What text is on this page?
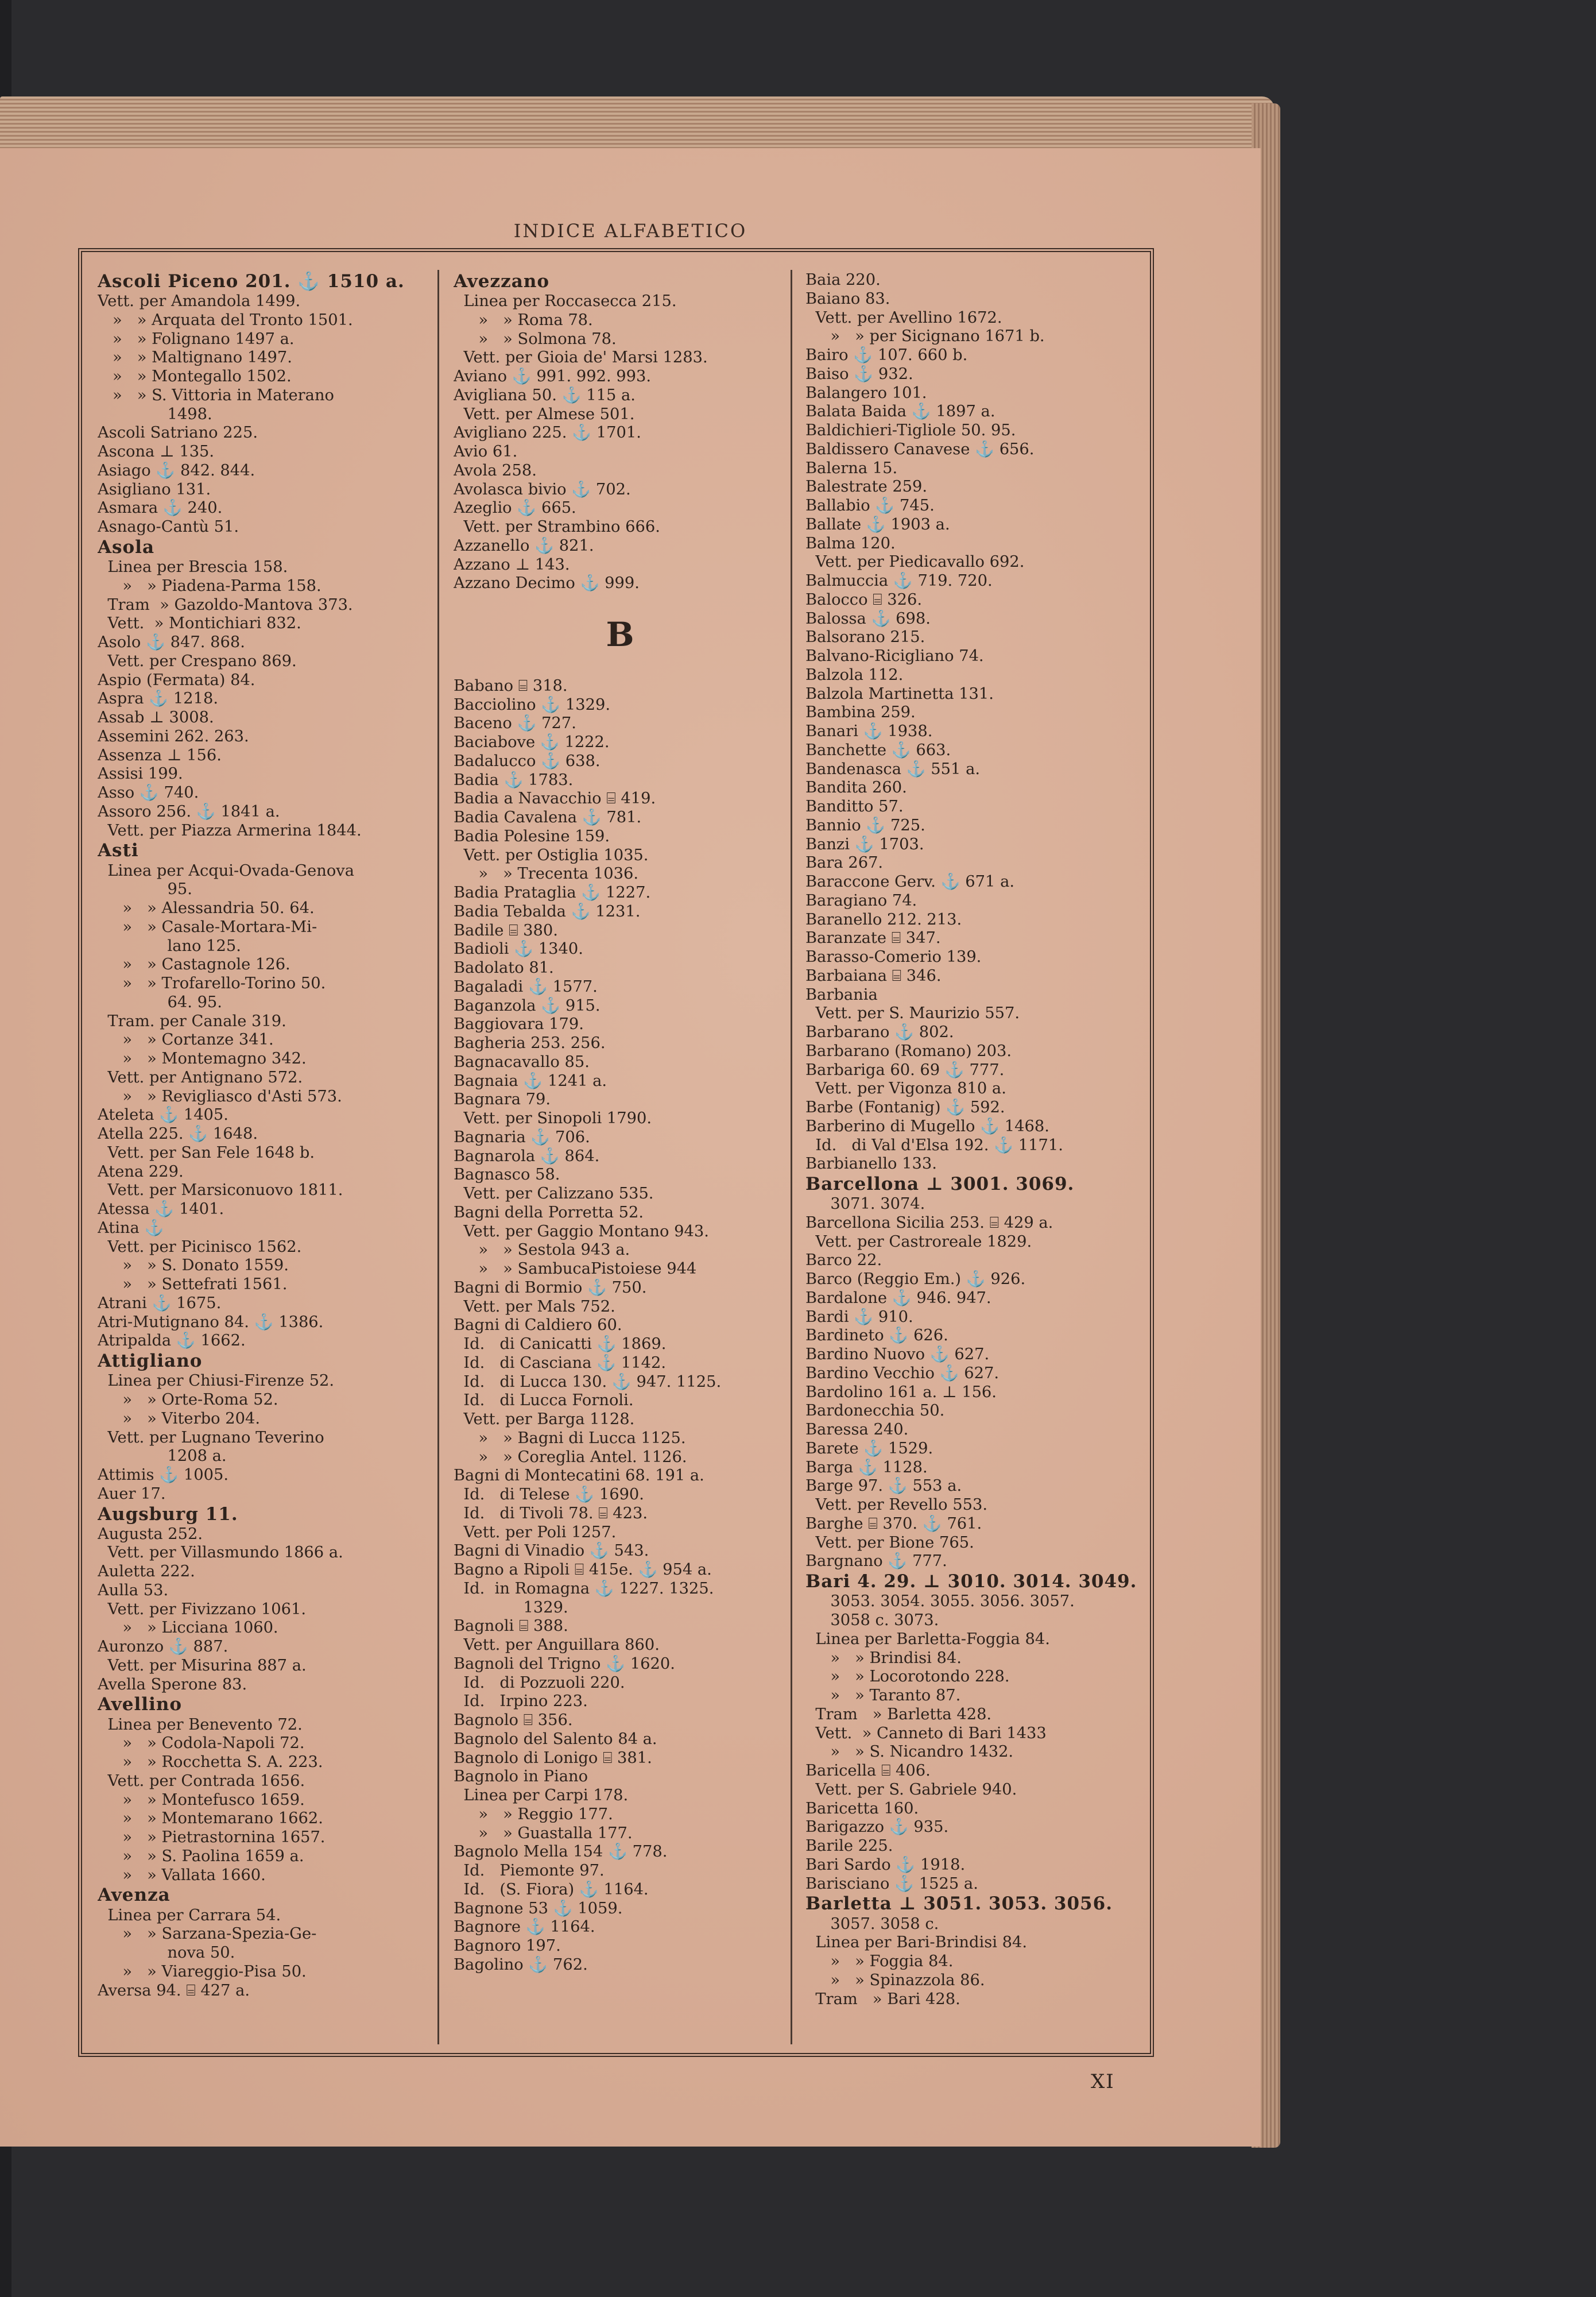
INDICE ALFABETICO
Ascoli Piceno 201. ⚓ 1510 a.
Vett. per Amandola 1499.
»   » Arquata del Tronto 1501.
»   » Folignano 1497 a.
»   » Maltignano 1497.
»   » Montegallo 1502.
»   » S. Vittoria in Materano
1498.
Ascoli Satriano 225.
Ascona ⊥ 135.
Asiago ⚓ 842. 844.
Asigliano 131.
Asmara ⚓ 240.
Asnago-Cantù 51.
Asola
Linea per Brescia 158.
»   » Piadena-Parma 158.
Tram  » Gazoldo-Mantova 373.
Vett.  » Montichiari 832.
Asolo ⚓ 847. 868.
Vett. per Crespano 869.
Aspio (Fermata) 84.
Aspra ⚓ 1218.
Assab ⊥ 3008.
Assemini 262. 263.
Assenza ⊥ 156.
Assisi 199.
Asso ⚓ 740.
Assoro 256. ⚓ 1841 a.
Vett. per Piazza Armerina 1844.
Asti
Linea per Acqui-Ovada-Genova
95.
»   » Alessandria 50. 64.
»   » Casale-Mortara-Mi-
lano 125.
»   » Castagnole 126.
»   » Trofarello-Torino 50.
64. 95.
Tram. per Canale 319.
»   » Cortanze 341.
»   » Montemagno 342.
Vett. per Antignano 572.
»   » Revigliasco d'Asti 573.
Ateleta ⚓ 1405.
Atella 225. ⚓ 1648.
Vett. per San Fele 1648 b.
Atena 229.
Vett. per Marsiconuovo 1811.
Atessa ⚓ 1401.
Atina ⚓
Vett. per Picinisco 1562.
»   » S. Donato 1559.
»   » Settefrati 1561.
Atrani ⚓ 1675.
Atri-Mutignano 84. ⚓ 1386.
Atripalda ⚓ 1662.
Attigliano
Linea per Chiusi-Firenze 52.
»   » Orte-Roma 52.
»   » Viterbo 204.
Vett. per Lugnano Teverino
1208 a.
Attimis ⚓ 1005.
Auer 17.
Augsburg 11.
Augusta 252.
Vett. per Villasmundo 1866 a.
Auletta 222.
Aulla 53.
Vett. per Fivizzano 1061.
»   » Licciana 1060.
Auronzo ⚓ 887.
Vett. per Misurina 887 a.
Avella Sperone 83.
Avellino
Linea per Benevento 72.
»   » Codola-Napoli 72.
»   » Rocchetta S. A. 223.
Vett. per Contrada 1656.
»   » Montefusco 1659.
»   » Montemarano 1662.
»   » Pietrastornina 1657.
»   » S. Paolina 1659 a.
»   » Vallata 1660.
Avenza
Linea per Carrara 54.
»   » Sarzana-Spezia-Ge-
nova 50.
»   » Viareggio-Pisa 50.
Aversa 94. ⌸ 427 a.
Avezzano
Linea per Roccasecca 215.
»   » Roma 78.
»   » Solmona 78.
Vett. per Gioia de' Marsi 1283.
Aviano ⚓ 991. 992. 993.
Avigliana 50. ⚓ 115 a.
Vett. per Almese 501.
Avigliano 225. ⚓ 1701.
Avio 61.
Avola 258.
Avolasca bivio ⚓ 702.
Azeglio ⚓ 665.
Vett. per Strambino 666.
Azzanello ⚓ 821.
Azzano ⊥ 143.
Azzano Decimo ⚓ 999.
B
Babano ⌸ 318.
Bacciolino ⚓ 1329.
Baceno ⚓ 727.
Baciabove ⚓ 1222.
Badalucco ⚓ 638.
Badia ⚓ 1783.
Badia a Navacchio ⌸ 419.
Badia Cavalena ⚓ 781.
Badia Polesine 159.
Vett. per Ostiglia 1035.
»   » Trecenta 1036.
Badia Prataglia ⚓ 1227.
Badia Tebalda ⚓ 1231.
Badile ⌸ 380.
Badioli ⚓ 1340.
Badolato 81.
Bagaladi ⚓ 1577.
Baganzola ⚓ 915.
Baggiovara 179.
Bagheria 253. 256.
Bagnacavallo 85.
Bagnaia ⚓ 1241 a.
Bagnara 79.
Vett. per Sinopoli 1790.
Bagnaria ⚓ 706.
Bagnarola ⚓ 864.
Bagnasco 58.
Vett. per Calizzano 535.
Bagni della Porretta 52.
Vett. per Gaggio Montano 943.
»   » Sestola 943 a.
»   » SambucaPistoiese 944
Bagni di Bormio ⚓ 750.
Vett. per Mals 752.
Bagni di Caldiero 60.
Id.   di Canicatti ⚓ 1869.
Id.   di Casciana ⚓ 1142.
Id.   di Lucca 130. ⚓ 947. 1125.
Id.   di Lucca Fornoli.
Vett. per Barga 1128.
»   » Bagni di Lucca 1125.
»   » Coreglia Antel. 1126.
Bagni di Montecatini 68. 191 a.
Id.   di Telese ⚓ 1690.
Id.   di Tivoli 78. ⌸ 423.
Vett. per Poli 1257.
Bagni di Vinadio ⚓ 543.
Bagno a Ripoli ⌸ 415e. ⚓ 954 a.
Id.  in Romagna ⚓ 1227. 1325.
1329.
Bagnoli ⌸ 388.
Vett. per Anguillara 860.
Bagnoli del Trigno ⚓ 1620.
Id.   di Pozzuoli 220.
Id.   Irpino 223.
Bagnolo ⌸ 356.
Bagnolo del Salento 84 a.
Bagnolo di Lonigo ⌸ 381.
Bagnolo in Piano
Linea per Carpi 178.
»   » Reggio 177.
»   » Guastalla 177.
Bagnolo Mella 154 ⚓ 778.
Id.   Piemonte 97.
Id.   (S. Fiora) ⚓ 1164.
Bagnone 53 ⚓ 1059.
Bagnore ⚓ 1164.
Bagnoro 197.
Bagolino ⚓ 762.
Baia 220.
Baiano 83.
Vett. per Avellino 1672.
»   » per Sicignano 1671 b.
Bairo ⚓ 107. 660 b.
Baiso ⚓ 932.
Balangero 101.
Balata Baida ⚓ 1897 a.
Baldichieri-Tigliole 50. 95.
Baldissero Canavese ⚓ 656.
Balerna 15.
Balestrate 259.
Ballabio ⚓ 745.
Ballate ⚓ 1903 a.
Balma 120.
Vett. per Piedicavallo 692.
Balmuccia ⚓ 719. 720.
Balocco ⌸ 326.
Balossa ⚓ 698.
Balsorano 215.
Balvano-Ricigliano 74.
Balzola 112.
Balzola Martinetta 131.
Bambina 259.
Banari ⚓ 1938.
Banchette ⚓ 663.
Bandenasca ⚓ 551 a.
Bandita 260.
Banditto 57.
Bannio ⚓ 725.
Banzi ⚓ 1703.
Bara 267.
Baraccone Gerv. ⚓ 671 a.
Baragiano 74.
Baranello 212. 213.
Baranzate ⌸ 347.
Barasso-Comerio 139.
Barbaiana ⌸ 346.
Barbania
Vett. per S. Maurizio 557.
Barbarano ⚓ 802.
Barbarano (Romano) 203.
Barbariga 60. 69 ⚓ 777.
Vett. per Vigonza 810 a.
Barbe (Fontanig) ⚓ 592.
Barberino di Mugello ⚓ 1468.
Id.   di Val d'Elsa 192. ⚓ 1171.
Barbianello 133.
Barcellona ⊥ 3001. 3069.
3071. 3074.
Barcellona Sicilia 253. ⌸ 429 a.
Vett. per Castroreale 1829.
Barco 22.
Barco (Reggio Em.) ⚓ 926.
Bardalone ⚓ 946. 947.
Bardi ⚓ 910.
Bardineto ⚓ 626.
Bardino Nuovo ⚓ 627.
Bardino Vecchio ⚓ 627.
Bardolino 161 a. ⊥ 156.
Bardonecchia 50.
Baressa 240.
Barete ⚓ 1529.
Barga ⚓ 1128.
Barge 97. ⚓ 553 a.
Vett. per Revello 553.
Barghe ⌸ 370. ⚓ 761.
Vett. per Bione 765.
Bargnano ⚓ 777.
Bari 4. 29. ⊥ 3010. 3014. 3049.
3053. 3054. 3055. 3056. 3057.
3058 c. 3073.
Linea per Barletta-Foggia 84.
»   » Brindisi 84.
»   » Locorotondo 228.
»   » Taranto 87.
Tram   » Barletta 428.
Vett.  » Canneto di Bari 1433
»   » S. Nicandro 1432.
Baricella ⌸ 406.
Vett. per S. Gabriele 940.
Baricetta 160.
Barigazzo ⚓ 935.
Barile 225.
Bari Sardo ⚓ 1918.
Barisciano ⚓ 1525 a.
Barletta ⊥ 3051. 3053. 3056.
3057. 3058 c.
Linea per Bari-Brindisi 84.
»   » Foggia 84.
»   » Spinazzola 86.
Tram   » Bari 428.
XI
